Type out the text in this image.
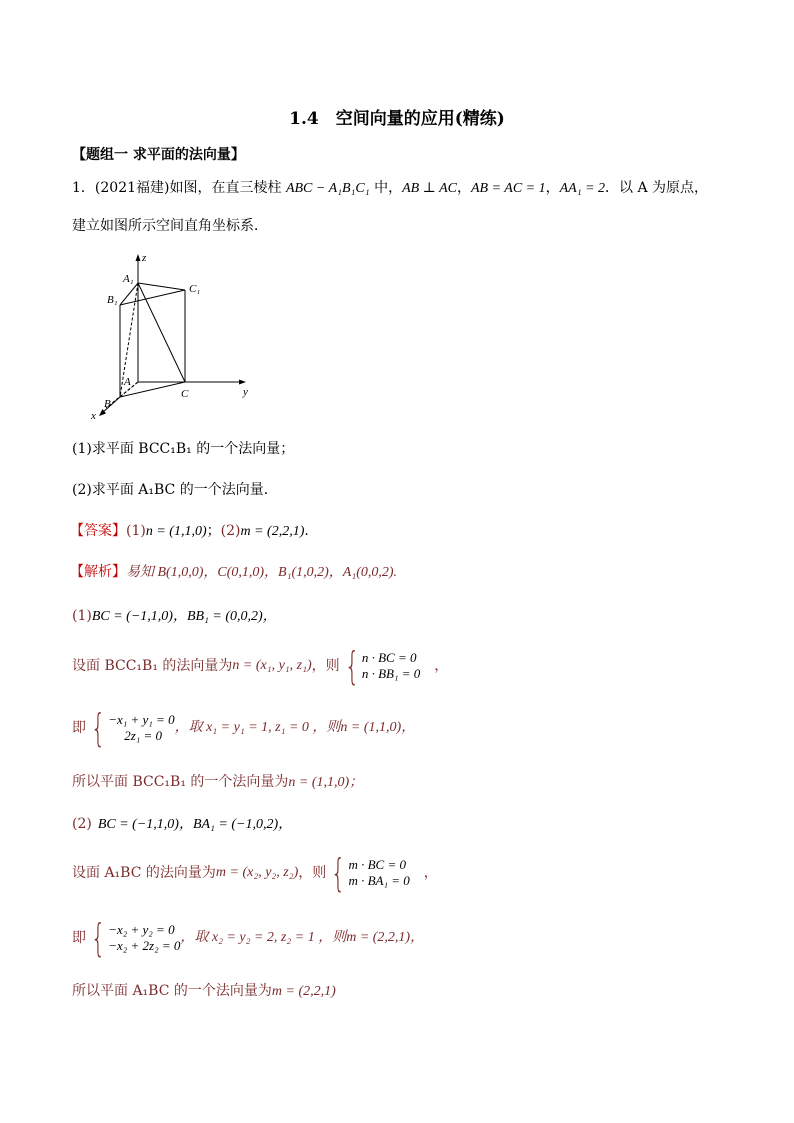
1.4　空间向量的应用(精练)
【题组一 求平面的法向量】
1．(2021福建)如图，在直三棱柱 ABC − A₁B₁C₁ 中，AB ⊥ AC，AB = AC = 1，AA₁ = 2．以 A 为原点，
建立如图所示空间直角坐标系．
z
y
x
A₁
B₁
C₁
A
B
C
(1)求平面 BCC₁B₁ 的一个法向量；
(2)求平面 A₁BC 的一个法向量．
【答案】(1)n = (1,1,0)；(2)m = (2,2,1).
【解析】易知 B(1,0,0)，C(0,1,0)，B₁(1,0,2)，A₁(0,0,2).
(1)BC = (−1,1,0)，BB₁ = (0,0,2)，
设面 BCC₁B₁ 的法向量为 n = (x₁, y₁, z₁) ，则 { n · BC = 0
n · BB₁ = 0 ，
即 { −x₁ + y₁ = 0
2z₁ = 0
，取 x₁ = y₁ = 1, z₁ = 0 ，则 n = (1,1,0)，
所以平面 BCC₁B₁ 的一个法向量为n = (1,1,0)；
(2) BC = (−1,1,0)，BA₁ = (−1,0,2)，
设面 A₁BC 的法向量为 m = (x₂, y₂, z₂) ，则 { m · BC = 0
m · BA₁ = 0 ，
即 { −x₂ + y₂ = 0
−x₂ + 2z₂ = 0
，取 x₂ = y₂ = 2, z₂ = 1 ，则 m = (2,2,1)，
所以平面 A₁BC 的一个法向量为m = (2,2,1)
